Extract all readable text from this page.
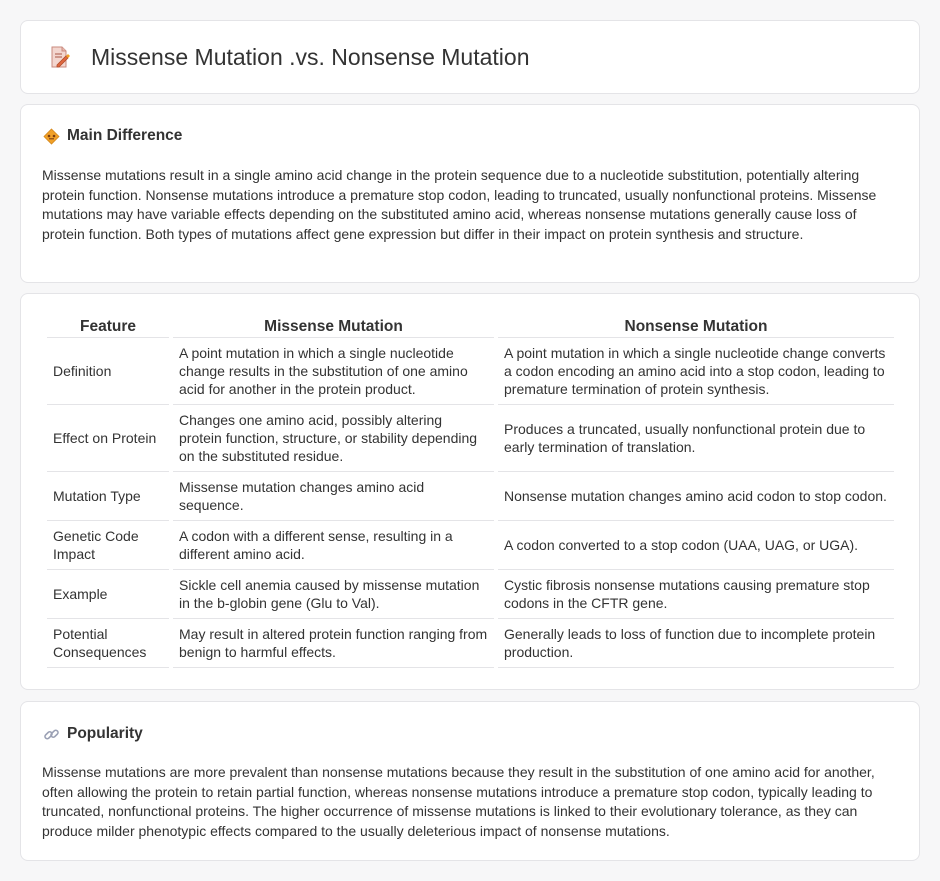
Missense Mutation .vs. Nonsense Mutation
Main Difference

Missense mutations result in a single amino acid change in the protein sequence due to a nucleotide substitution, potentially altering protein function. Nonsense mutations introduce a premature stop codon, leading to truncated, usually nonfunctional proteins. Missense mutations may have variable effects depending on the substituted amino acid, whereas nonsense mutations generally cause loss of protein function. Both types of mutations affect gene expression but differ in their impact on protein synthesis and structure.

Feature	Missense Mutation	Nonsense Mutation
Definition	A point mutation in which a single nucleotide change results in the substitution of one amino acid for another in the protein product.	A point mutation in which a single nucleotide change converts a codon encoding an amino acid into a stop codon, leading to premature termination of protein synthesis.
Effect on Protein	Changes one amino acid, possibly altering protein function, structure, or stability depending on the substituted residue.	Produces a truncated, usually nonfunctional protein due to early termination of translation.
Mutation Type	Missense mutation changes amino acid sequence.	Nonsense mutation changes amino acid codon to stop codon.
Genetic Code Impact	A codon with a different sense, resulting in a different amino acid.	A codon converted to a stop codon (UAA, UAG, or UGA).
Example	Sickle cell anemia caused by missense mutation in the b-globin gene (Glu to Val).	Cystic fibrosis nonsense mutations causing premature stop codons in the CFTR gene.
Potential Consequences	May result in altered protein function ranging from benign to harmful effects.	Generally leads to loss of function due to incomplete protein production.
Popularity

Missense mutations are more prevalent than nonsense mutations because they result in the substitution of one amino acid for another, often allowing the protein to retain partial function, whereas nonsense mutations introduce a premature stop codon, typically leading to truncated, nonfunctional proteins. The higher occurrence of missense mutations is linked to their evolutionary tolerance, as they can produce milder phenotypic effects compared to the usually deleterious impact of nonsense mutations.
